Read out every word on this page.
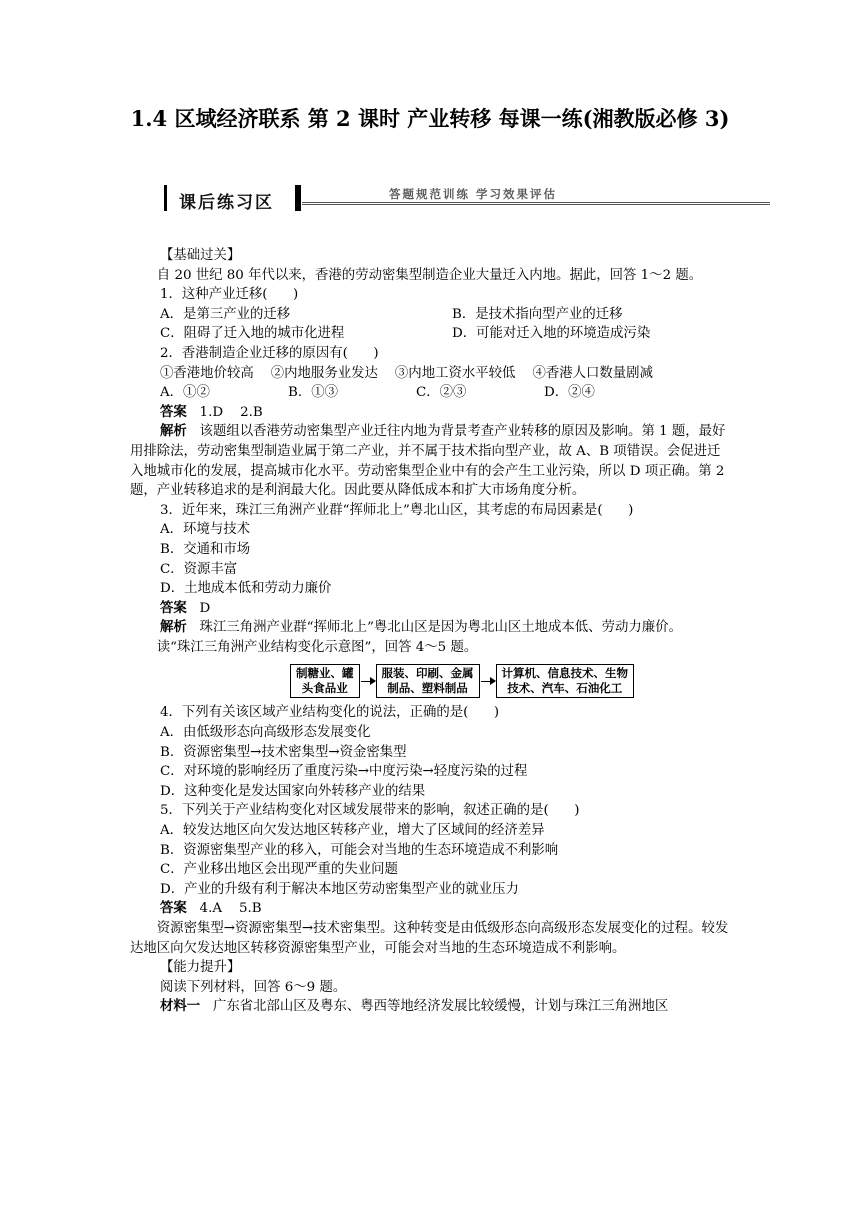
1.4 区域经济联系 第 2 课时 产业转移 每课一练(湘教版必修 3)
课后练习区	答题规范训练 学习效果评估

【基础过关】

自 20 世纪 80 年代以来，香港的劳动密集型制造企业大量迁入内地。据此，回答 1～2 题。

1．这种产业迁移(      )

A．是第三产业的迁移	B．是技术指向型产业的迁移
C．阻碍了迁入地的城市化进程	D．可能对迁入地的环境造成污染

2．香港制造企业迁移的原因有(      )

①香港地价较高    ②内地服务业发达    ③内地工资水平较低    ④香港人口数量剧减

A．①②	B．①③	C．②③	D．②④

答案   1.D    2.B

解析   该题组以香港劳动密集型产业迁往内地为背景考查产业转移的原因及影响。第 1 题，最好用排除法，劳动密集型制造业属于第二产业，并不属于技术指向型产业，故 A、B 项错误。会促进迁入地城市化的发展，提高城市化水平。劳动密集型企业中有的会产生工业污染，所以 D 项正确。第 2 题，产业转移追求的是利润最大化。因此要从降低成本和扩大市场角度分析。

3．近年来，珠江三角洲产业群“挥师北上”粤北山区，其考虑的布局因素是(      )

A．环境与技术

B．交通和市场

C．资源丰富

D．土地成本低和劳动力廉价

答案   D

解析   珠江三角洲产业群“挥师北上”粤北山区是因为粤北山区土地成本低、劳动力廉价。

读“珠江三角洲产业结构变化示意图”，回答 4～5 题。

制糖业、罐
头食品业
服装、印刷、金属
制品、塑料制品
计算机、信息技术、生物
技术、汽车、石油化工

4．下列有关该区域产业结构变化的说法，正确的是(      )

A．由低级形态向高级形态发展变化

B．资源密集型→技术密集型→资金密集型

C．对环境的影响经历了重度污染→中度污染→轻度污染的过程

D．这种变化是发达国家向外转移产业的结果

5．下列关于产业结构变化对区域发展带来的影响，叙述正确的是(      )

A．较发达地区向欠发达地区转移产业，增大了区域间的经济差异

B．资源密集型产业的移入，可能会对当地的生态环境造成不利影响

C．产业移出地区会出现严重的失业问题

D．产业的升级有利于解决本地区劳动密集型产业的就业压力

答案   4.A    5.B

资源密集型→资源密集型→技术密集型。这种转变是由低级形态向高级形态发展变化的过程。较发达地区向欠发达地区转移资源密集型产业，可能会对当地的生态环境造成不利影响。

【能力提升】

阅读下列材料，回答 6～9 题。

材料一   广东省北部山区及粤东、粤西等地经济发展比较缓慢，计划与珠江三角洲地区
